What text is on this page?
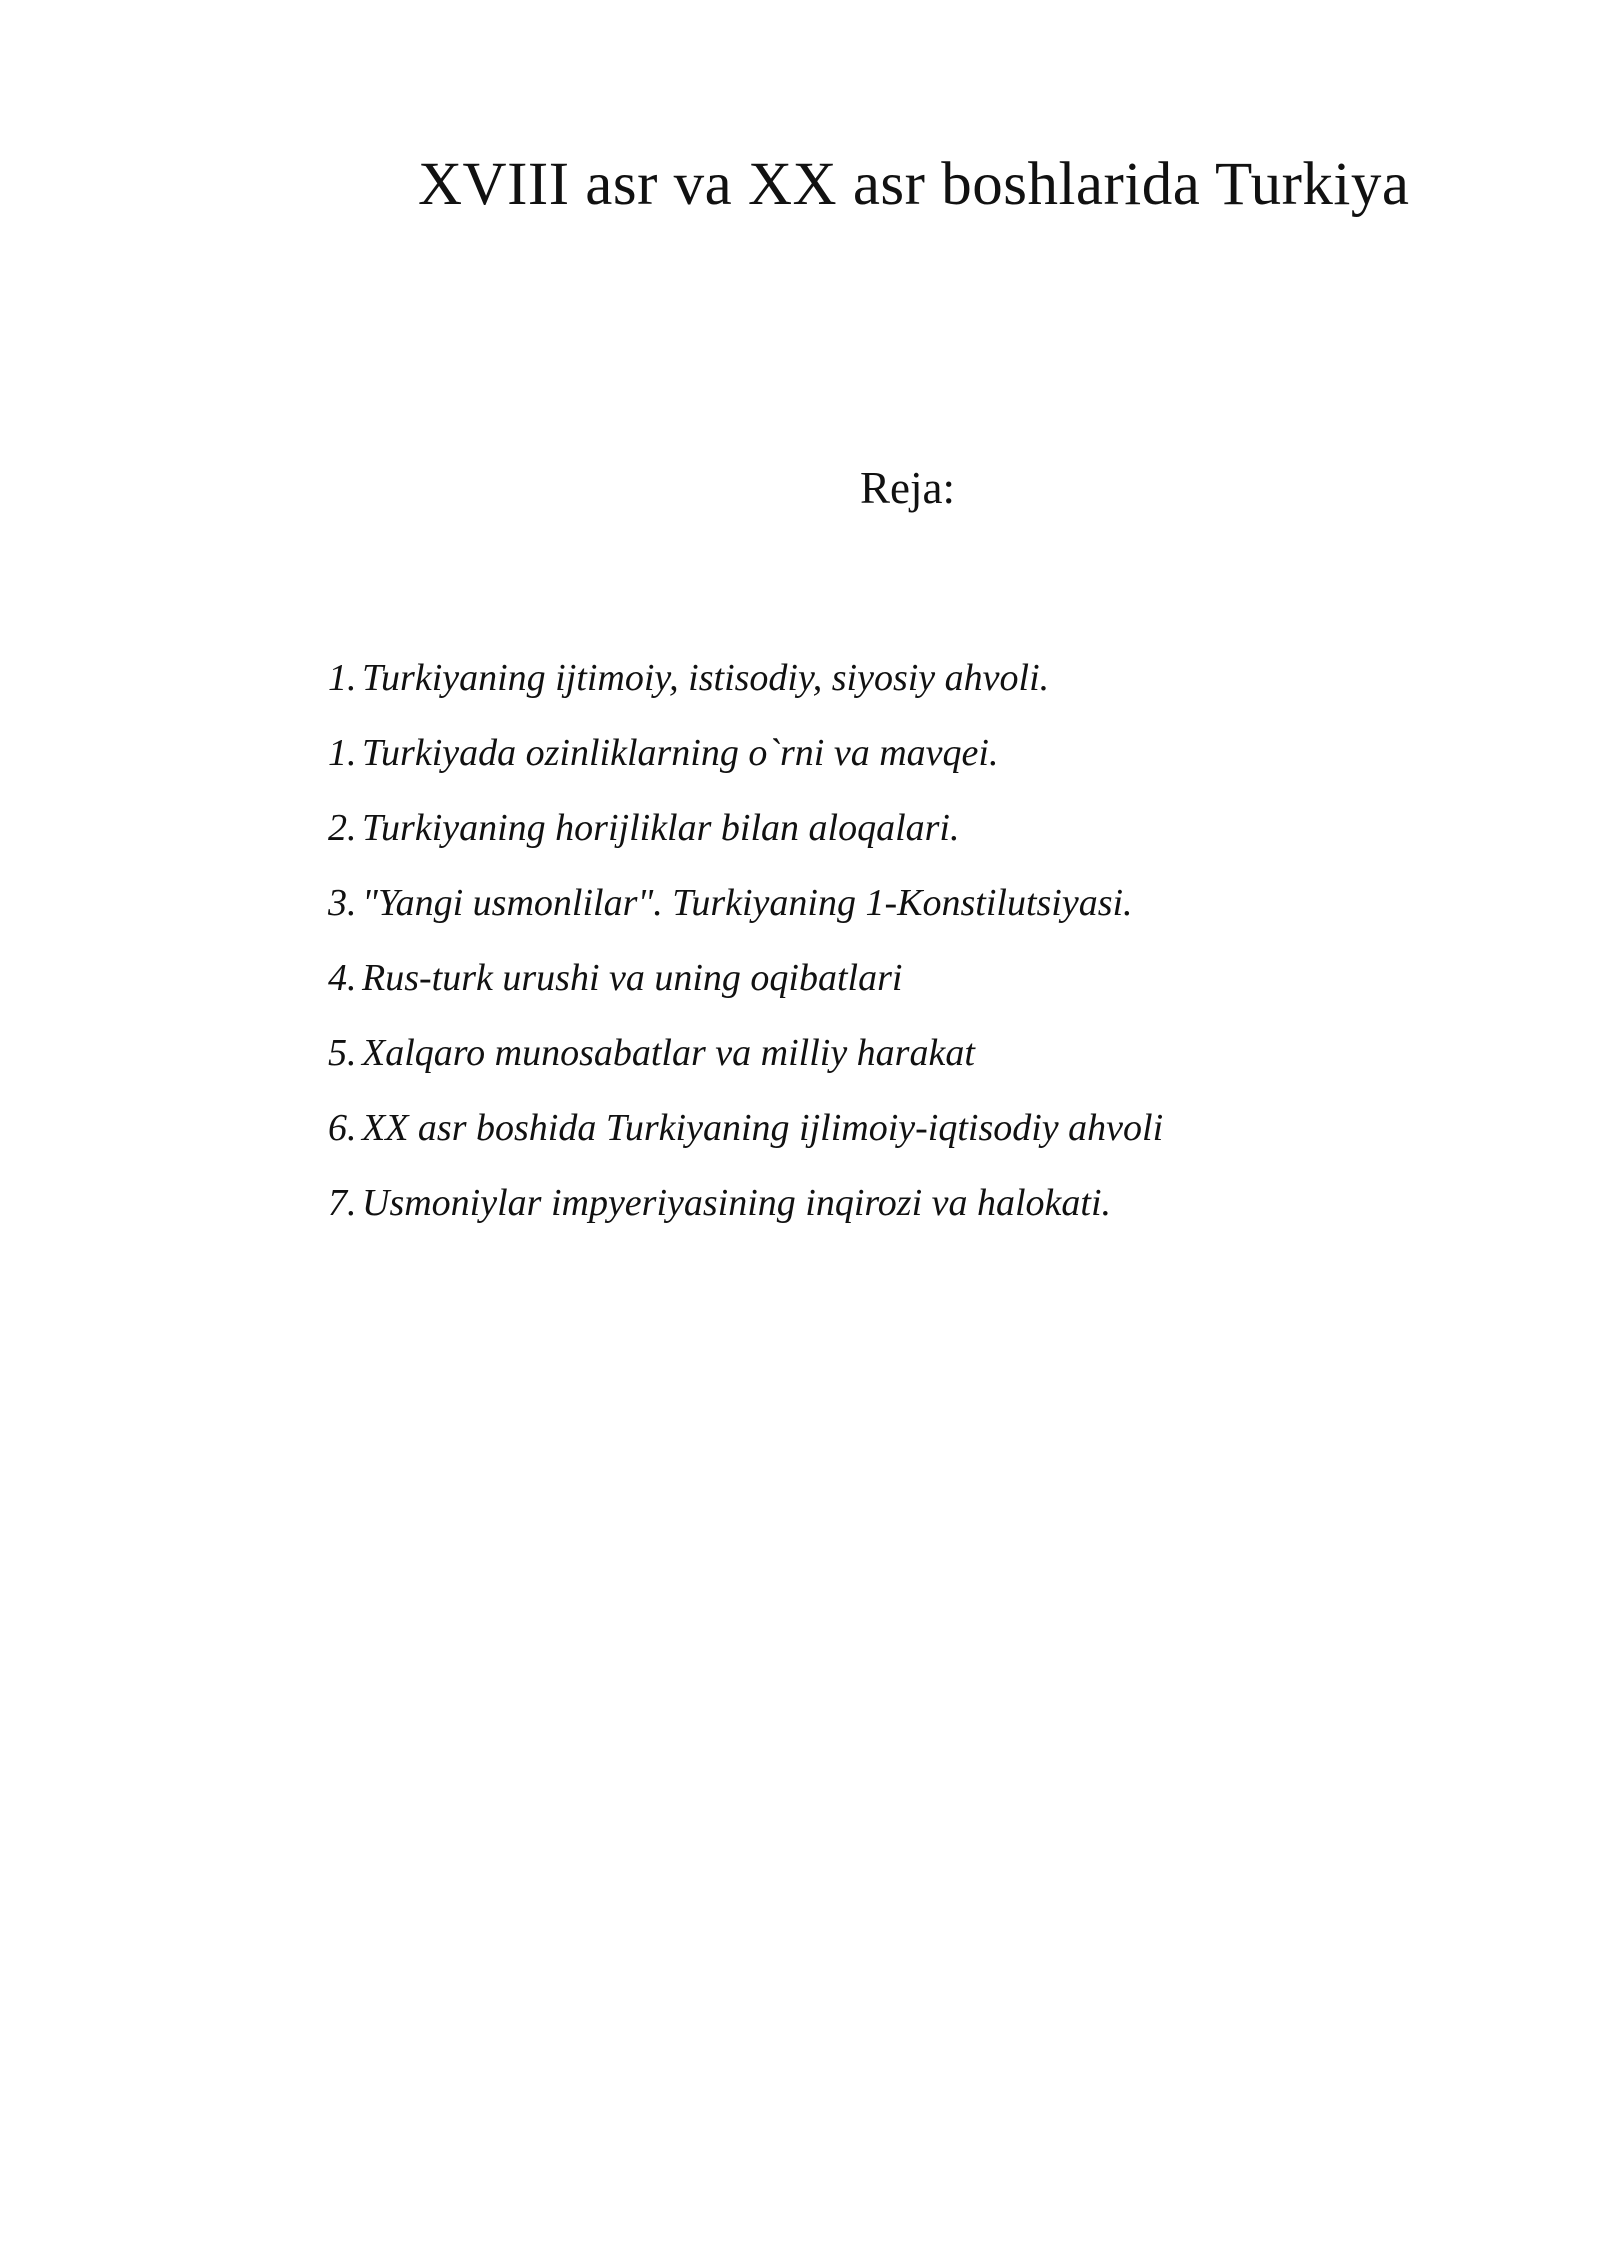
XVIII asr va XX asr boshlarida Turkiya
Reja:
1. Turkiyaning ijtimoiy, istisodiy, siyosiy ahvoli.
1. Turkiyada ozinliklarning o`rni va mavqei.
2. Turkiyaning horijliklar bilan aloqalari.
3. "Yangi usmonlilar". Turkiyaning 1-Konstilutsiyasi.
4. Rus-turk urushi va uning oqibatlari
5. Xalqaro munosabatlar va milliy harakat
6. XX asr boshida Turkiyaning ijlimoiy-iqtisodiy ahvoli
7. Usmoniylar impyeriyasining inqirozi va halokati.
